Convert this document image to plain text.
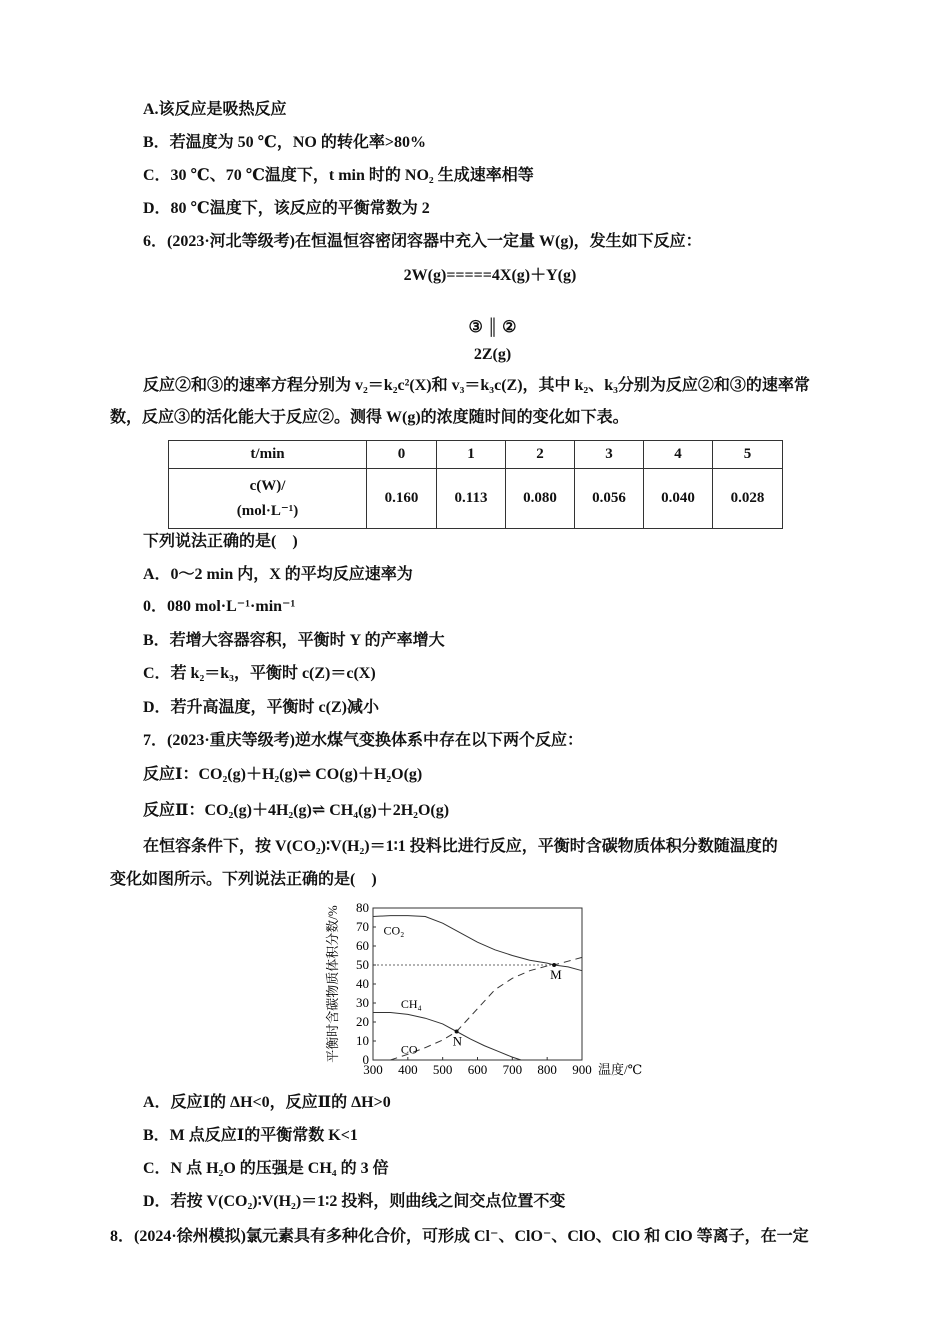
A.该反应是吸热反应
B．若温度为 50 ℃，NO 的转化率>80%
C．30 ℃、70 ℃温度下，t min 时的 NO₂ 生成速率相等
D．80 ℃温度下，该反应的平衡常数为 2
6．(2023·河北等级考)在恒温恒容密闭容器中充入一定量 W(g)，发生如下反应：
2W(g)=====4X(g)＋Y(g)
③ ║ ②
2Z(g)
反应②和③的速率方程分别为 v₂＝k₂c²(X)和 v₃＝k₃c(Z)，其中 k₂、k₃分别为反应②和③的速率常
数，反应③的活化能大于反应②。测得 W(g)的浓度随时间的变化如下表。
t/min	0	1	2	3	4	5

c(W)/
(mol·L⁻¹)	0.160	0.113	0.080	0.056	0.040	0.028
下列说法正确的是(　)
A．0～2 min 内，X 的平均反应速率为
0．080 mol·L⁻¹·min⁻¹
B．若增大容器容积，平衡时 Y 的产率增大
C．若 k₂＝k₃，平衡时 c(Z)＝c(X)
D．若升高温度，平衡时 c(Z)减小
7．(2023·重庆等级考)逆水煤气变换体系中存在以下两个反应：
反应Ⅰ：CO₂(g)＋H₂(g)⇌ CO(g)＋H₂O(g)
反应Ⅱ：CO₂(g)＋4H₂(g)⇌ CH₄(g)＋2H₂O(g)
在恒容条件下，按 V(CO₂)∶V(H₂)＝1∶1 投料比进行反应，平衡时含碳物质体积分数随温度的
变化如图所示。下列说法正确的是(　)
300 400 500 600 700 800 900
0
10
20
30
40
50
60
70
80
温度/℃
平衡时含碳物质体积分数/%	CO₂
CH₄
CO
M
N
A．反应Ⅰ的 ΔH<0，反应Ⅱ的 ΔH>0
B．M 点反应Ⅰ的平衡常数 K<1
C．N 点 H₂O 的压强是 CH₄ 的 3 倍
D．若按 V(CO₂)∶V(H₂)＝1∶2 投料，则曲线之间交点位置不变
8．(2024·徐州模拟)氯元素具有多种化合价，可形成 Cl⁻、ClO⁻、ClO、ClO 和 ClO 等离子，在一定
